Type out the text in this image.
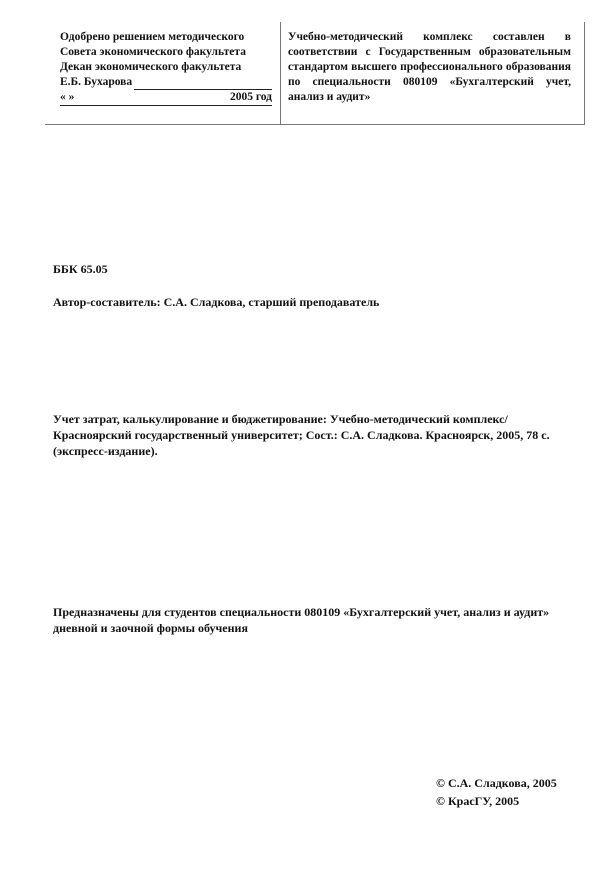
Одобрено решением методического
Совета экономического факультета
Декан экономического факультета
Е.Б. Бухарова
« »	2005 год
Учебно-методический комплекс составлен в соответствии с Государственным образовательным стандартом высшего профессионального образования по специальности 080109 «Бухгалтерский учет, анализ и аудит»
ББК 65.05
Автор-составитель: С.А. Сладкова, старший преподаватель
Учет затрат, калькулирование и бюджетирование: Учебно-методический комплекс/ Красноярский государственный университет; Сост.: С.А. Сладкова. Красноярск, 2005, 78 с. (экспресс-издание).
Предназначены для студентов специальности 080109 «Бухгалтерский учет, анализ и аудит» дневной и заочной формы обучения
© С.А. Сладкова, 2005
© КрасГУ, 2005
